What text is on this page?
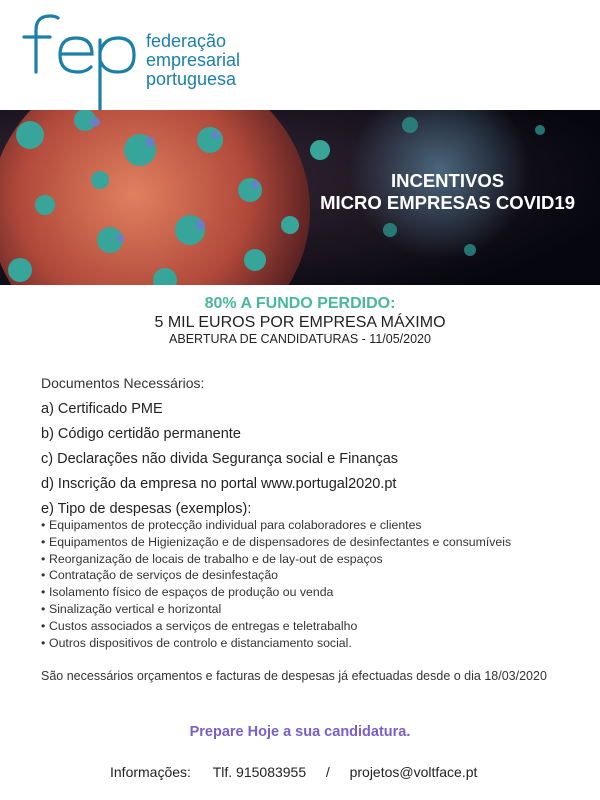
federação
empresarial
portuguesa
INCENTIVOS
MICRO EMPRESAS COVID19
80% A FUNDO PERDIDO:
5 MIL EUROS POR EMPRESA MÁXIMO
ABERTURA DE CANDIDATURAS - 11/05/2020
Documentos Necessários:
a) Certificado PME
b) Código certidão permanente
c) Declarações não divida Segurança social e Finanças
d) Inscrição da empresa no portal www.portugal2020.pt
e) Tipo de despesas (exemplos):
• Equipamentos de protecção individual para colaboradores e clientes
• Equipamentos de Higienização e de dispensadores de desinfectantes e consumíveis
• Reorganização de locais de trabalho e de lay-out de espaços
• Contratação de serviços de desinfestação
• Isolamento físico de espaços de produção ou venda
• Sinalização vertical e horizontal
• Custos associados a serviços de entregas e teletrabalho
• Outros dispositivos de controlo e distanciamento social.
São necessários orçamentos e facturas de despesas já efectuadas desde o dia 18/03/2020
Prepare Hoje a sua candidatura.
Informações: Tlf. 915083955 / projetos@voltface.pt
